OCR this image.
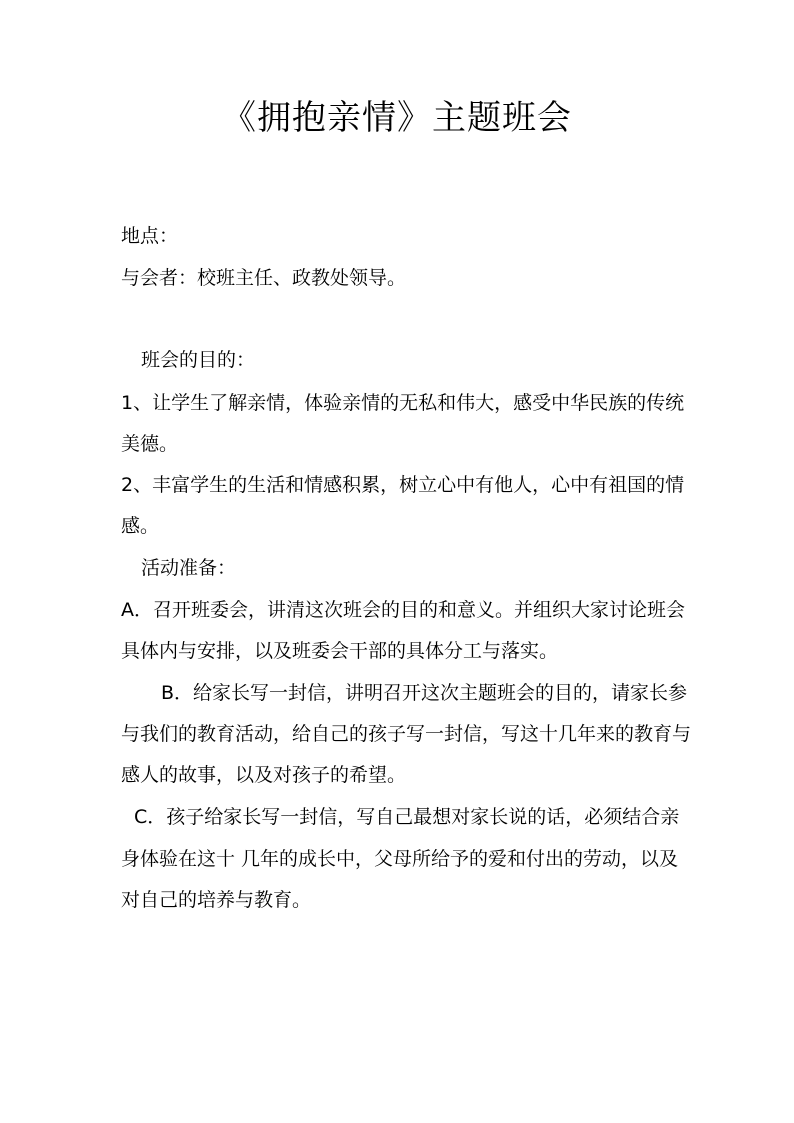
《拥抱亲情》主题班会
地点：
与会者：校班主任、政教处领导。
班会的目的：
1、让学生了解亲情，体验亲情的无私和伟大，感受中华民族的传统
美德。
2、丰富学生的生活和情感积累，树立心中有他人，心中有祖国的情
感。
活动准备：
A．召开班委会，讲清这次班会的目的和意义。并组织大家讨论班会
具体内与安排，以及班委会干部的具体分工与落实。
B．给家长写一封信，讲明召开这次主题班会的目的，请家长参
与我们的教育活动，给自己的孩子写一封信，写这十几年来的教育与
感人的故事，以及对孩子的希望。
C．孩子给家长写一封信，写自己最想对家长说的话，必须结合亲
身体验在这十 几年的成长中，父母所给予的爱和付出的劳动，以及
对自己的培养与教育。
